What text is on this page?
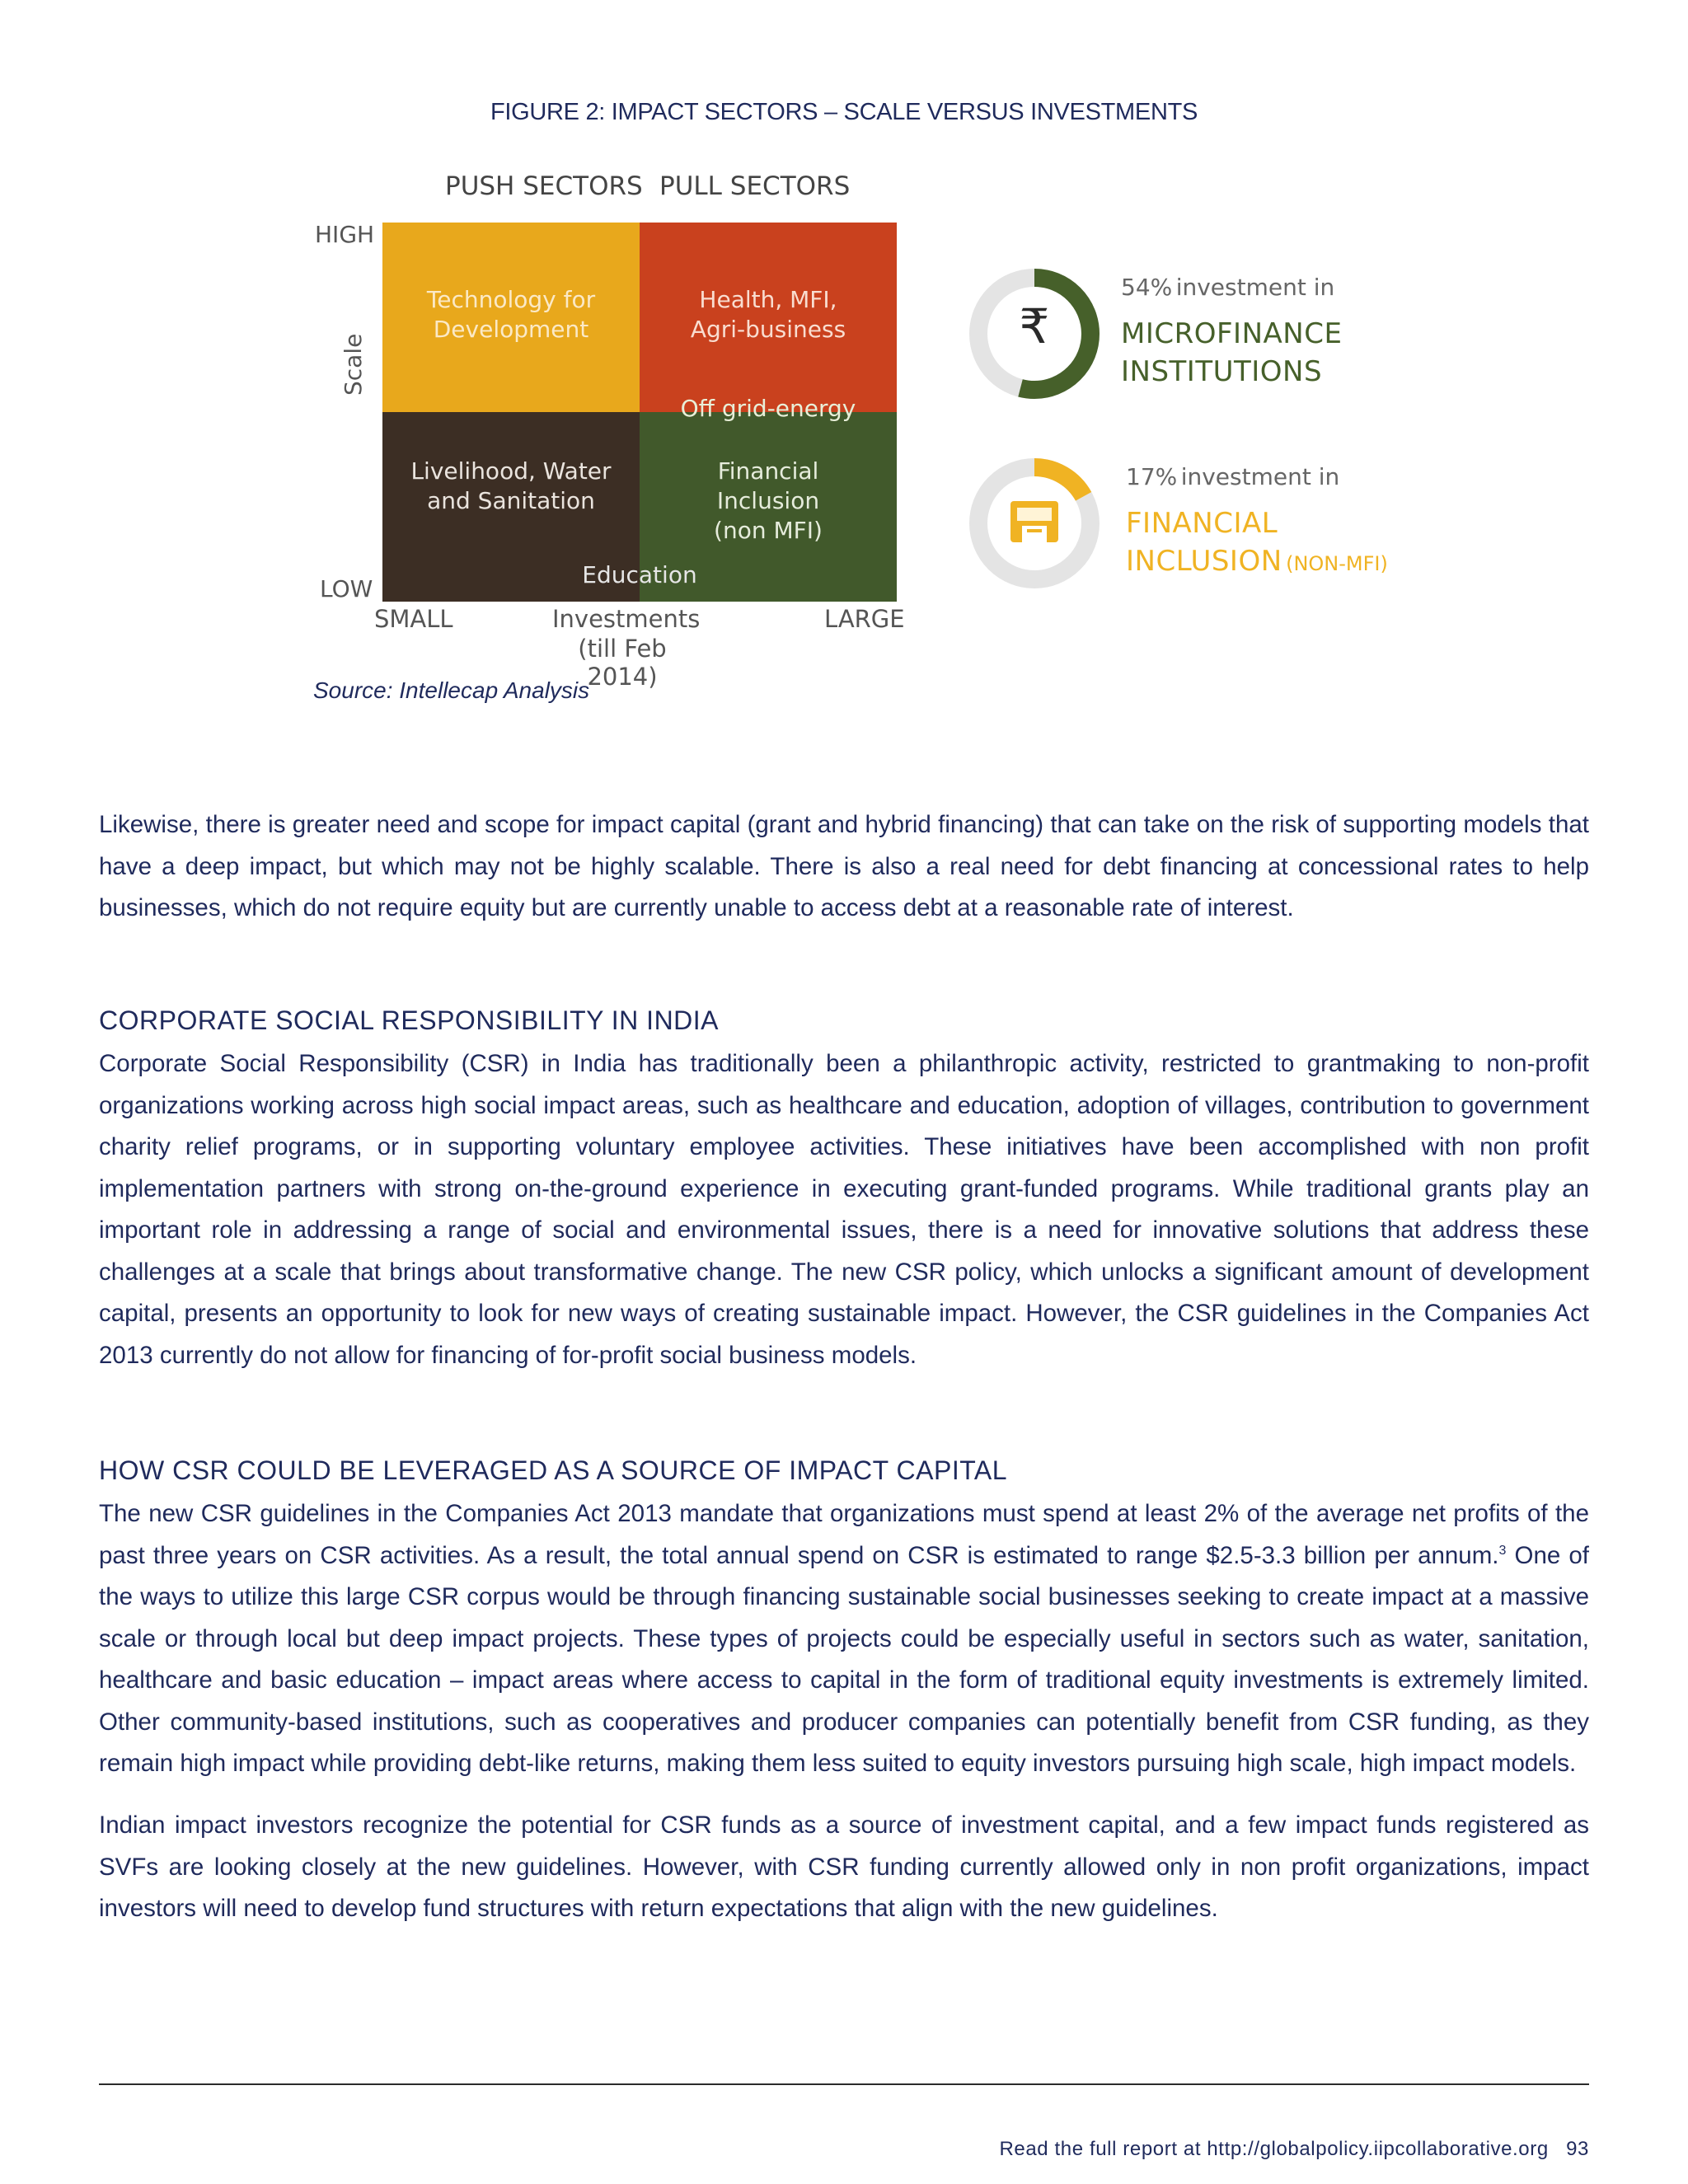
FIGURE 2: IMPACT SECTORS – SCALE VERSUS INVESTMENTS
PUSH SECTORS PULL SECTORS
HIGH
LOW
Scale
Technology for
Development
Health, MFI,
Agri-business
Off grid-energy
Livelihood, Water
and Sanitation
Financial
Inclusion
(non MFI)
Education
SMALL	LARGE
Investments
(till Feb 2014)
₹
54% investment in
MICROFINANCE
INSTITUTIONS
17% investment in
FINANCIAL
INCLUSION (NON-MFI)
Source: Intellecap Analysis

Likewise, there is greater need and scope for impact capital (grant and hybrid financing) that can take on the risk of supporting models that have a deep impact, but which may not be highly scalable. There is also a real need for debt financing at concessional rates to help businesses, which do not require equity but are currently unable to access debt at a reasonable rate of interest.

CORPORATE SOCIAL RESPONSIBILITY IN INDIA

Corporate Social Responsibility (CSR) in India has traditionally been a philanthropic activity, restricted to grantmaking to non-profit organizations working across high social impact areas, such as healthcare and education, adoption of villages, contribution to government charity relief programs, or in supporting voluntary employee activities. These initiatives have been accomplished with non profit implementation partners with strong on-the-ground experience in executing grant-funded programs. While traditional grants play an important role in addressing a range of social and environmental issues, there is a need for innovative solutions that address these challenges at a scale that brings about transformative change. The new CSR policy, which unlocks a significant amount of development capital, presents an opportunity to look for new ways of creating sustainable impact. However, the CSR guidelines in the Companies Act 2013 currently do not allow for financing of for-profit social business models.

HOW CSR COULD BE LEVERAGED AS A SOURCE OF IMPACT CAPITAL

The new CSR guidelines in the Companies Act 2013 mandate that organizations must spend at least 2% of the average net profits of the past three years on CSR activities. As a result, the total annual spend on CSR is estimated to range $2.5-3.3 billion per annum.$^3$ One of the ways to utilize this large CSR corpus would be through financing sustainable social businesses seeking to create impact at a massive scale or through local but deep impact projects. These types of projects could be especially useful in sectors such as water, sanitation, healthcare and basic education – impact areas where access to capital in the form of traditional equity investments is extremely limited. Other community-based institutions, such as cooperatives and producer companies can potentially benefit from CSR funding, as they remain high impact while providing debt-like returns, making them less suited to equity investors pursuing high scale, high impact models.

Indian impact investors recognize the potential for CSR funds as a source of investment capital, and a few impact funds registered as SVFs are looking closely at the new guidelines. However, with CSR funding currently allowed only in non profit organizations, impact investors will need to develop fund structures with return expectations that align with the new guidelines.

Read the full report at http://globalpolicy.iipcollaborative.org 93
